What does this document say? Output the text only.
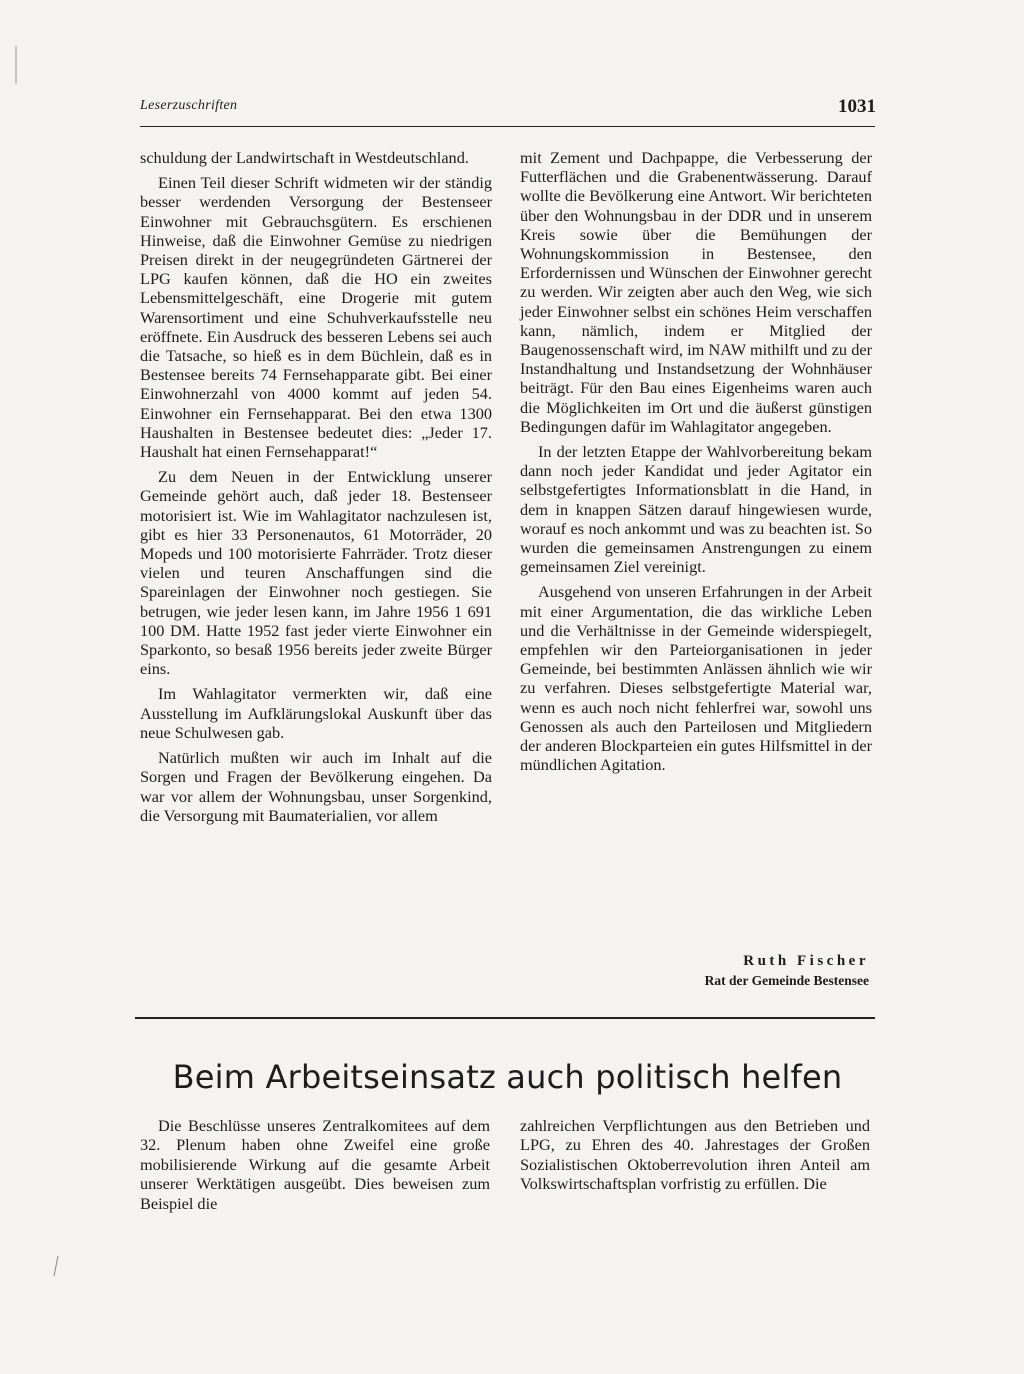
Leserzuschriften	1031

schuldung der Landwirtschaft in Westdeutschland.

Einen Teil dieser Schrift widmeten wir der ständig besser werdenden Versorgung der Bestenseer Einwohner mit Gebrauchsgütern. Es erschienen Hinweise, daß die Einwohner Gemüse zu niedrigen Preisen direkt in der neugegründeten Gärtnerei der LPG kaufen können, daß die HO ein zweites Lebensmittelgeschäft, eine Drogerie mit gutem Warensortiment und eine Schuhverkaufsstelle neu eröffnete. Ein Ausdruck des besseren Lebens sei auch die Tatsache, so hieß es in dem Büchlein, daß es in Bestensee bereits 74 Fernsehapparate gibt. Bei einer Einwohnerzahl von 4000 kommt auf jeden 54. Einwohner ein Fernsehapparat. Bei den etwa 1300 Haushalten in Bestensee bedeutet dies: „Jeder 17. Haushalt hat einen Fernsehapparat!“

Zu dem Neuen in der Entwicklung unserer Gemeinde gehört auch, daß jeder 18. Bestenseer motorisiert ist. Wie im Wahlagitator nachzulesen ist, gibt es hier 33 Personenautos, 61 Motorräder, 20 Mopeds und 100 motorisierte Fahrräder. Trotz dieser vielen und teuren Anschaffungen sind die Spareinlagen der Einwohner noch gestiegen. Sie betrugen, wie jeder lesen kann, im Jahre 1956 1 691 100 DM. Hatte 1952 fast jeder vierte Einwohner ein Sparkonto, so besaß 1956 bereits jeder zweite Bürger eins.

Im Wahlagitator vermerkten wir, daß eine Ausstellung im Aufklärungslokal Auskunft über das neue Schulwesen gab.

Natürlich mußten wir auch im Inhalt auf die Sorgen und Fragen der Bevölkerung eingehen. Da war vor allem der Wohnungsbau, unser Sorgenkind, die Versorgung mit Baumaterialien, vor allem

mit Zement und Dachpappe, die Verbesserung der Futterflächen und die Grabenentwässerung. Darauf wollte die Bevölkerung eine Antwort. Wir berichteten über den Wohnungsbau in der DDR und in unserem Kreis sowie über die Bemühungen der Wohnungskommission in Bestensee, den Erfordernissen und Wünschen der Einwohner gerecht zu werden. Wir zeigten aber auch den Weg, wie sich jeder Einwohner selbst ein schönes Heim verschaffen kann, nämlich, indem er Mitglied der Baugenossenschaft wird, im NAW mithilft und zu der Instandhaltung und Instandsetzung der Wohnhäuser beiträgt. Für den Bau eines Eigenheims waren auch die Möglichkeiten im Ort und die äußerst günstigen Bedingungen dafür im Wahlagitator angegeben.

In der letzten Etappe der Wahlvorbereitung bekam dann noch jeder Kandidat und jeder Agitator ein selbstgefertigtes Informationsblatt in die Hand, in dem in knappen Sätzen darauf hingewiesen wurde, worauf es noch ankommt und was zu beachten ist. So wurden die gemeinsamen Anstrengungen zu einem gemeinsamen Ziel vereinigt.

Ausgehend von unseren Erfahrungen in der Arbeit mit einer Argumentation, die das wirkliche Leben und die Verhältnisse in der Gemeinde widerspiegelt, empfehlen wir den Parteiorganisationen in jeder Gemeinde, bei bestimmten Anlässen ähnlich wie wir zu verfahren. Dieses selbstgefertigte Material war, wenn es auch noch nicht fehlerfrei war, sowohl uns Genossen als auch den Parteilosen und Mitgliedern der anderen Blockparteien ein gutes Hilfsmittel in der mündlichen Agitation.

Ruth Fischer
Rat der Gemeinde Bestensee
Beim Arbeitseinsatz auch politisch helfen

Die Beschlüsse unseres Zentralkomitees auf dem 32. Plenum haben ohne Zweifel eine große mobilisierende Wirkung auf die gesamte Arbeit unserer Werktätigen ausgeübt. Dies beweisen zum Beispiel die

zahlreichen Verpflichtungen aus den Betrieben und LPG, zu Ehren des 40. Jahrestages der Großen Sozialistischen Oktoberrevolution ihren Anteil am Volkswirtschaftsplan vorfristig zu erfüllen. Die
